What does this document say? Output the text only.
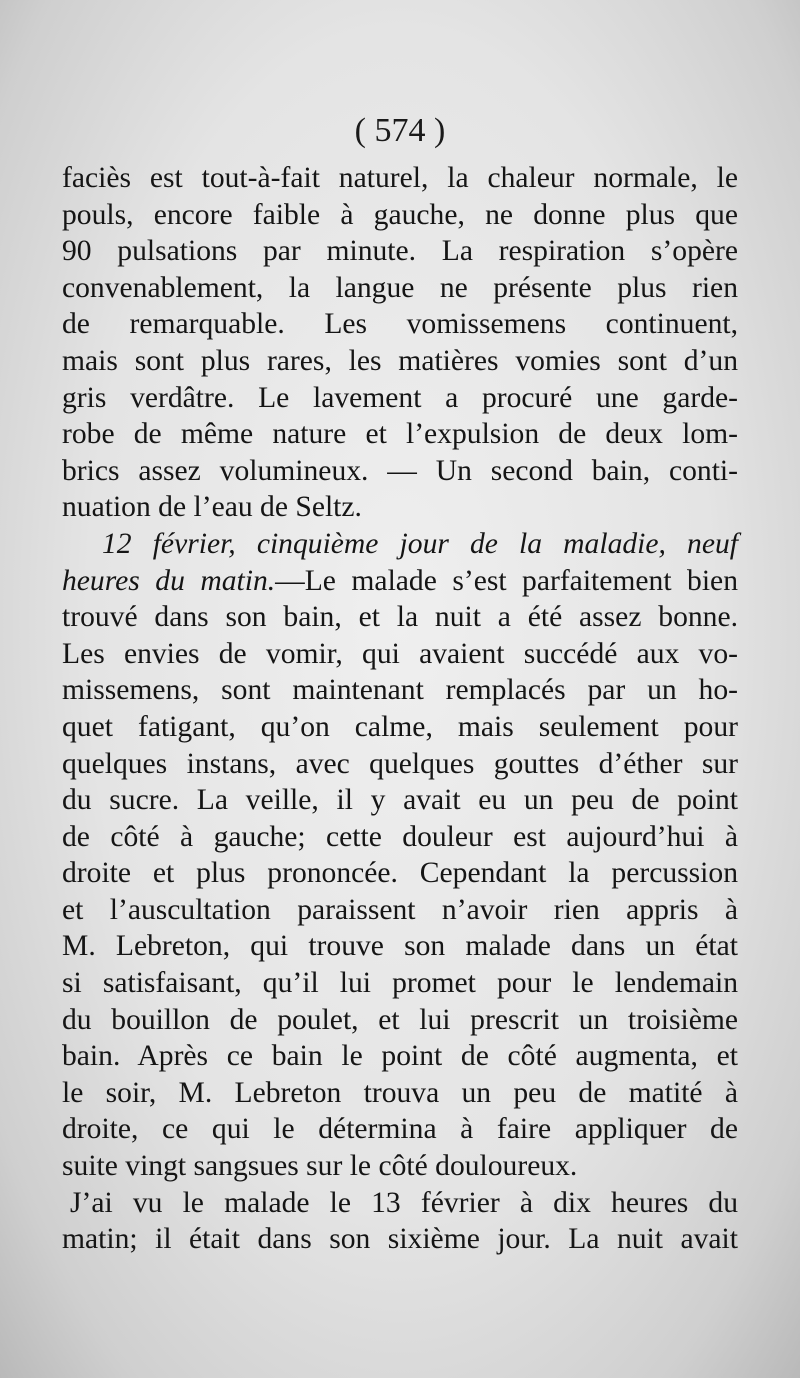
( 574 )
faciès est tout-à-fait naturel, la chaleur normale, le
pouls, encore faible à gauche, ne donne plus que
90 pulsations par minute. La respiration s’opère
convenablement, la langue ne présente plus rien
de remarquable. Les vomissemens continuent,
mais sont plus rares, les matières vomies sont d’un
gris verdâtre. Le lavement a procuré une garde-
robe de même nature et l’expulsion de deux lom-
brics assez volumineux. — Un second bain, conti-
nuation de l’eau de Seltz.
12 février, cinquième jour de la maladie, neuf
heures du matin.—Le malade s’est parfaitement bien
trouvé dans son bain, et la nuit a été assez bonne.
Les envies de vomir, qui avaient succédé aux vo-
missemens, sont maintenant remplacés par un ho-
quet fatigant, qu’on calme, mais seulement pour
quelques instans, avec quelques gouttes d’éther sur
du sucre. La veille, il y avait eu un peu de point
de côté à gauche; cette douleur est aujourd’hui à
droite et plus prononcée. Cependant la percussion
et l’auscultation paraissent n’avoir rien appris à
M. Lebreton, qui trouve son malade dans un état
si satisfaisant, qu’il lui promet pour le lendemain
du bouillon de poulet, et lui prescrit un troisième
bain. Après ce bain le point de côté augmenta, et
le soir, M. Lebreton trouva un peu de matité à
droite, ce qui le détermina à faire appliquer de
suite vingt sangsues sur le côté douloureux.
J’ai vu le malade le 13 février à dix heures du
matin; il était dans son sixième jour. La nuit avait
